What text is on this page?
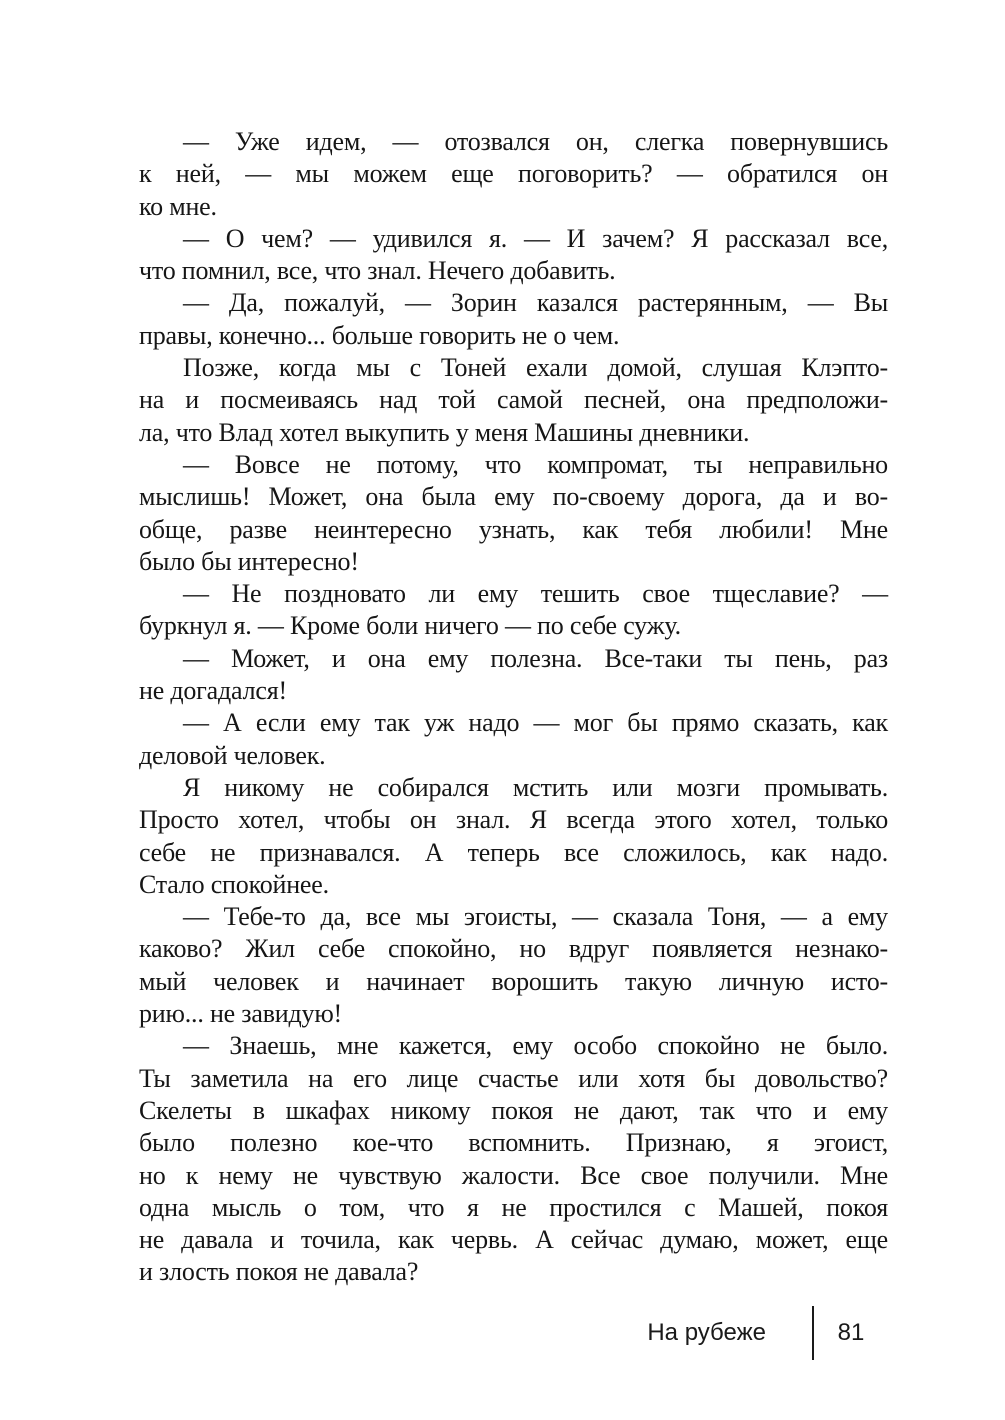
— Уже идем, — отозвался он, слегка повернувшись
к ней, — мы можем еще поговорить? — обратился он
ко мне.
— О чем? — удивился я. — И зачем? Я рассказал все,
что помнил, все, что знал. Нечего добавить.
— Да, пожалуй, — Зорин казался растерянным, — Вы
правы, конечно... больше говорить не о чем.
Позже, когда мы с Тоней ехали домой, слушая Клэпто-
на и посмеиваясь над той самой песней, она предположи-
ла, что Влад хотел выкупить у меня Машины дневники.
— Вовсе не потому, что компромат, ты неправильно
мыслишь! Может, она была ему по-своему дорога, да и во-
обще, разве неинтересно узнать, как тебя любили! Мне
было бы интересно!
— Не поздновато ли ему тешить свое тщеславие? —
буркнул я. — Кроме боли ничего — по себе сужу.
— Может, и она ему полезна. Все-таки ты пень, раз
не догадался!
— А если ему так уж надо — мог бы прямо сказать, как
деловой человек.
Я никому не собирался мстить или мозги промывать.
Просто хотел, чтобы он знал. Я всегда этого хотел, только
себе не признавался. А теперь все сложилось, как надо.
Стало спокойнее.
— Тебе-то да, все мы эгоисты, — сказала Тоня, — а ему
каково? Жил себе спокойно, но вдруг появляется незнако-
мый человек и начинает ворошить такую личную исто-
рию... не завидую!
— Знаешь, мне кажется, ему особо спокойно не было.
Ты заметила на его лице счастье или хотя бы довольство?
Скелеты в шкафах никому покоя не дают, так что и ему
было полезно кое-что вспомнить. Признаю, я эгоист,
но к нему не чувствую жалости. Все свое получили. Мне
одна мысль о том, что я не простился с Машей, покоя
не давала и точила, как червь. А сейчас думаю, может, еще
и злость покоя не давала?
На рубеже	81
